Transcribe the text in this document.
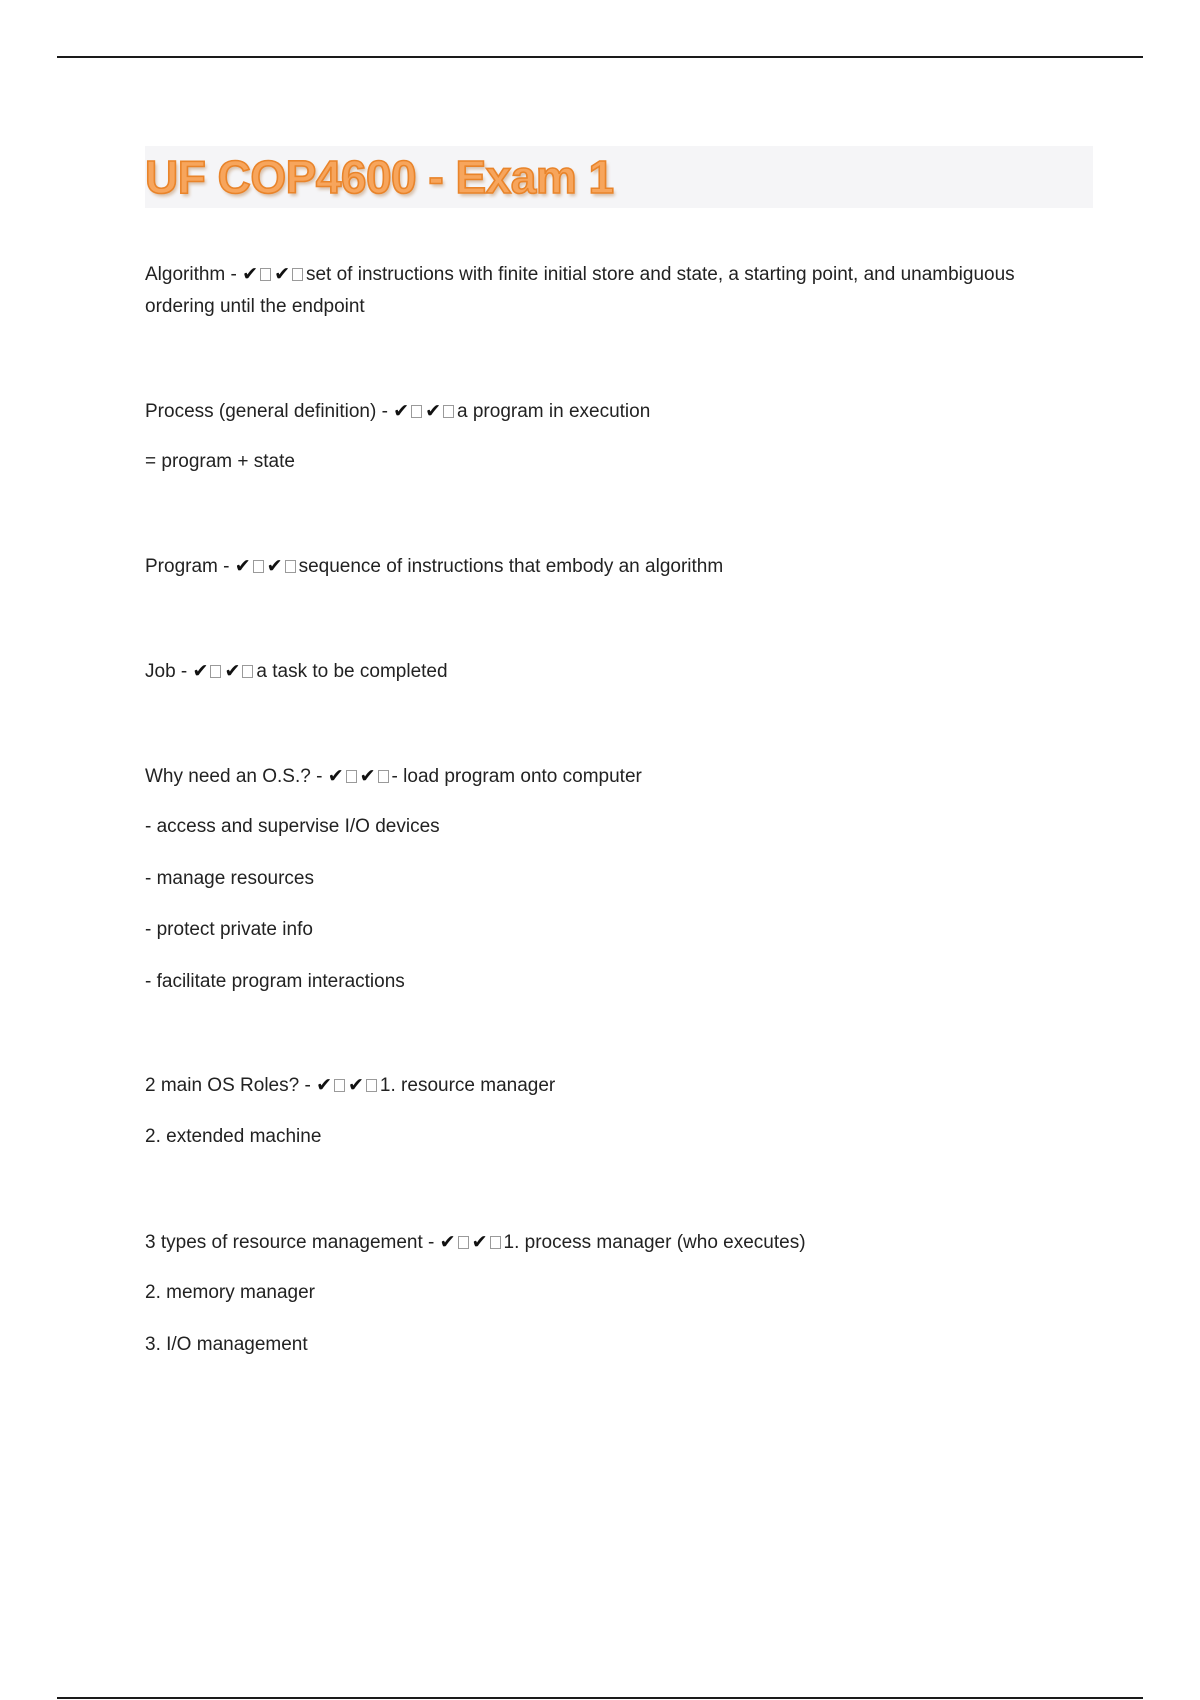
UF COP4600 - Exam 1

Algorithm - ✔ ✔ set of instructions with finite initial store and state, a starting point, and unambiguous ordering until the endpoint

Process (general definition) - ✔ ✔ a program in execution

= program + state

Program - ✔ ✔ sequence of instructions that embody an algorithm

Job - ✔ ✔ a task to be completed

Why need an O.S.? - ✔ ✔ - load program onto computer

- access and supervise I/O devices

- manage resources

- protect private info

- facilitate program interactions

2 main OS Roles? - ✔ ✔ 1. resource manager

2. extended machine

3 types of resource management - ✔ ✔ 1. process manager (who executes)

2. memory manager

3. I/O management
